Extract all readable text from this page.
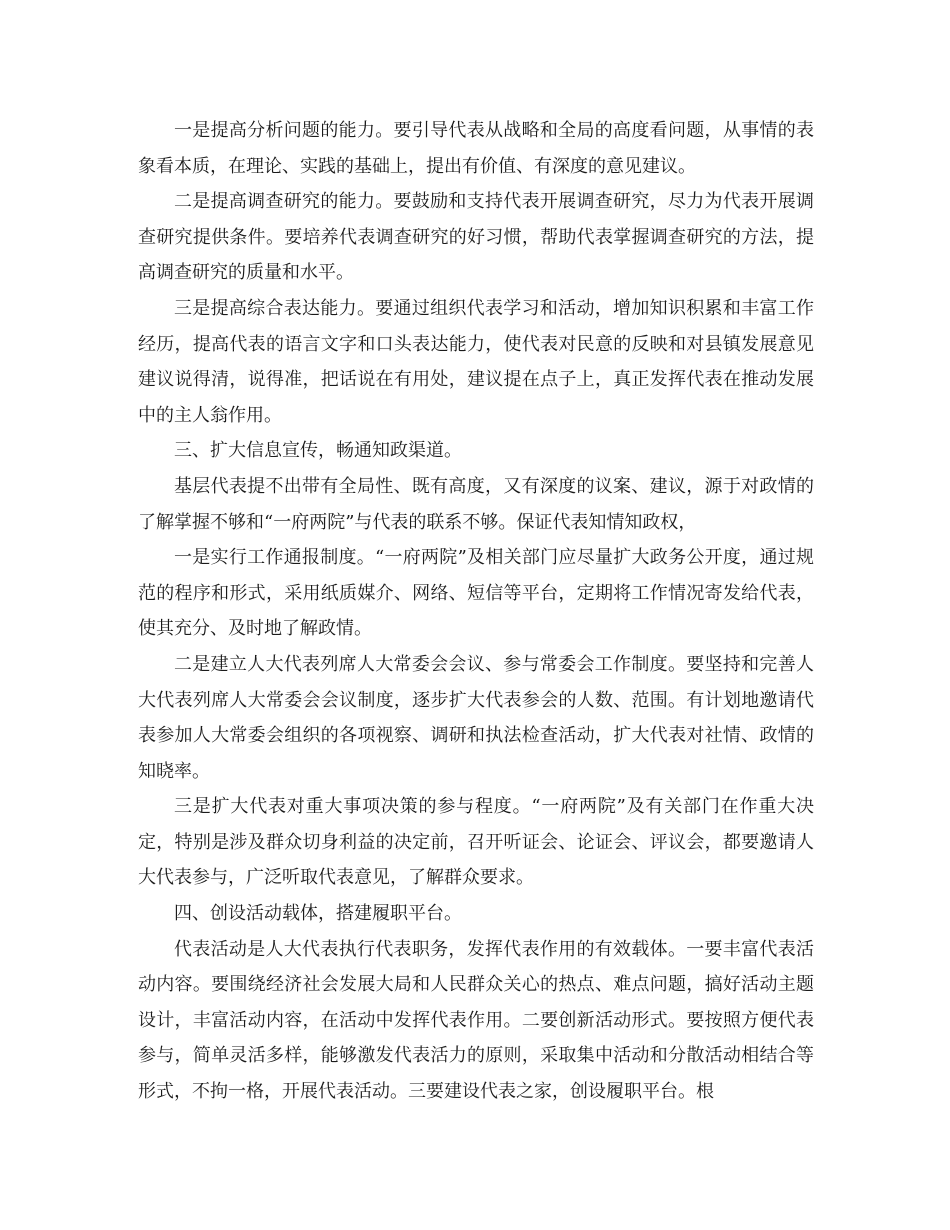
一是提高分析问题的能力。要引导代表从战略和全局的高度看问题，从事情的表象看本质，在理论、实践的基础上，提出有价值、有深度的意见建议。

二是提高调查研究的能力。要鼓励和支持代表开展调查研究，尽力为代表开展调查研究提供条件。要培养代表调查研究的好习惯，帮助代表掌握调查研究的方法，提高调查研究的质量和水平。

三是提高综合表达能力。要通过组织代表学习和活动，增加知识积累和丰富工作经历，提高代表的语言文字和口头表达能力，使代表对民意的反映和对县镇发展意见建议说得清，说得准，把话说在有用处，建议提在点子上，真正发挥代表在推动发展中的主人翁作用。

三、扩大信息宣传，畅通知政渠道。

基层代表提不出带有全局性、既有高度，又有深度的议案、建议，源于对政情的了解掌握不够和“一府两院”与代表的联系不够。保证代表知情知政权，

一是实行工作通报制度。“一府两院”及相关部门应尽量扩大政务公开度，通过规范的程序和形式，采用纸质媒介、网络、短信等平台，定期将工作情况寄发给代表，使其充分、及时地了解政情。

二是建立人大代表列席人大常委会会议、参与常委会工作制度。要坚持和完善人大代表列席人大常委会会议制度，逐步扩大代表参会的人数、范围。有计划地邀请代表参加人大常委会组织的各项视察、调研和执法检查活动，扩大代表对社情、政情的知晓率。

三是扩大代表对重大事项决策的参与程度。“一府两院”及有关部门在作重大决定，特别是涉及群众切身利益的决定前，召开听证会、论证会、评议会，都要邀请人大代表参与，广泛听取代表意见，了解群众要求。

四、创设活动载体，搭建履职平台。

代表活动是人大代表执行代表职务，发挥代表作用的有效载体。一要丰富代表活动内容。要围绕经济社会发展大局和人民群众关心的热点、难点问题，搞好活动主题设计，丰富活动内容，在活动中发挥代表作用。二要创新活动形式。要按照方便代表参与，简单灵活多样，能够激发代表活力的原则，采取集中活动和分散活动相结合等形式，不拘一格，开展代表活动。三要建设代表之家，创设履职平台。根
